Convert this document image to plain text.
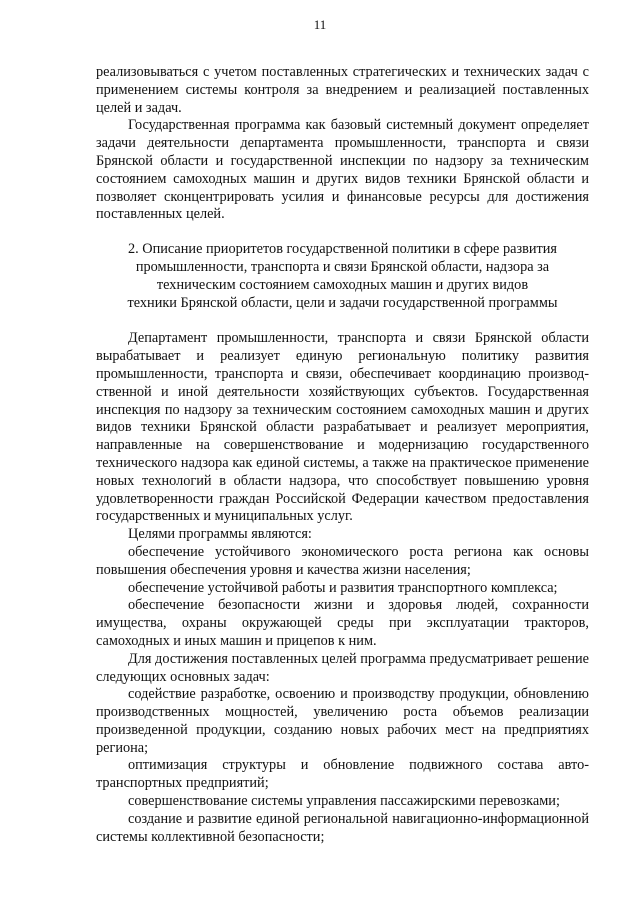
11

реализовываться с учетом поставленных стратегических и технических задач с применением системы контроля за внедрением и реализацией поставленных целей и задач.

Государственная программа как базовый системный документ определяет задачи деятельности департамента промышленности, транспорта и связи Брянской области и государственной инспекции по надзору за техническим состоянием самоходных машин и других видов техники Брянской области и позволяет сконцентрировать усилия и финансовые ресурсы для достижения поставленных целей.

2. Описание приоритетов государственной политики в сфере развития
промышленности, транспорта и связи Брянской области, надзора за
техническим состоянием самоходных машин и других видов
техники Брянской области, цели и задачи государственной программы

Департамент промышленности, транспорта и связи Брянской области вырабатывает и реализует единую региональную политику развития промышленности, транспорта и связи, обеспечивает координацию производственной и иной деятельности хозяйствующих субъектов. Государственная инспекция по надзору за техническим состоянием самоходных машин и других видов техники Брянской области разрабатывает и реализует мероприятия, направленные на совершенствование и модернизацию государственного технического надзора как единой системы, а также на практическое применение новых технологий в области надзора, что способствует повышению уровня удовлетворенности граждан Российской Федерации качеством предоставления государственных и муниципальных услуг.

Целями программы являются:

обеспечение устойчивого экономического роста региона как основы повышения обеспечения уровня и качества жизни населения;

обеспечение устойчивой работы и развития транспортного комплекса;

обеспечение безопасности жизни и здоровья людей, сохранности имущества, охраны окружающей среды при эксплуатации тракторов, самоходных и иных машин и прицепов к ним.

Для достижения поставленных целей программа предусматривает решение следующих основных задач:

содействие разработке, освоению и производству продукции, обновлению производственных мощностей, увеличению роста объемов реализации произведенной продукции, созданию новых рабочих мест на предприятиях региона;

оптимизация структуры и обновление подвижного состава автотранспортных предприятий;

совершенствование системы управления пассажирскими перевозками;

создание и развитие единой региональной навигационно-информационной системы коллективной безопасности;
